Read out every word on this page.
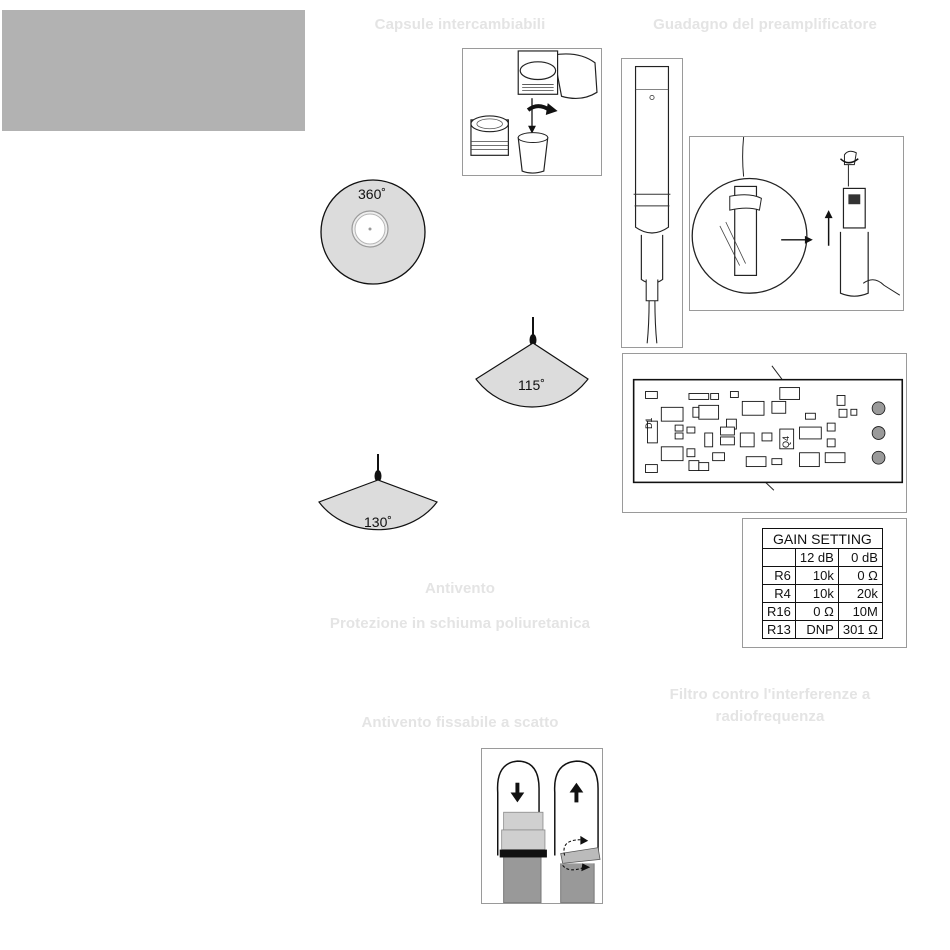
Capsule intercambiabili	Guadagno del preamplificatore
Antivento
Protezione in schiuma poliuretanica
Antivento fissabile a scatto
Filtro contro l'interferenze a radiofrequenza
360˚
115˚
130˚
D1
Q4
GAIN SETTING		
	12 dB	0 dB
R6	10k	0 Ω
R4	10k	20k
R16	0 Ω	10M
R13	DNP	301 Ω
